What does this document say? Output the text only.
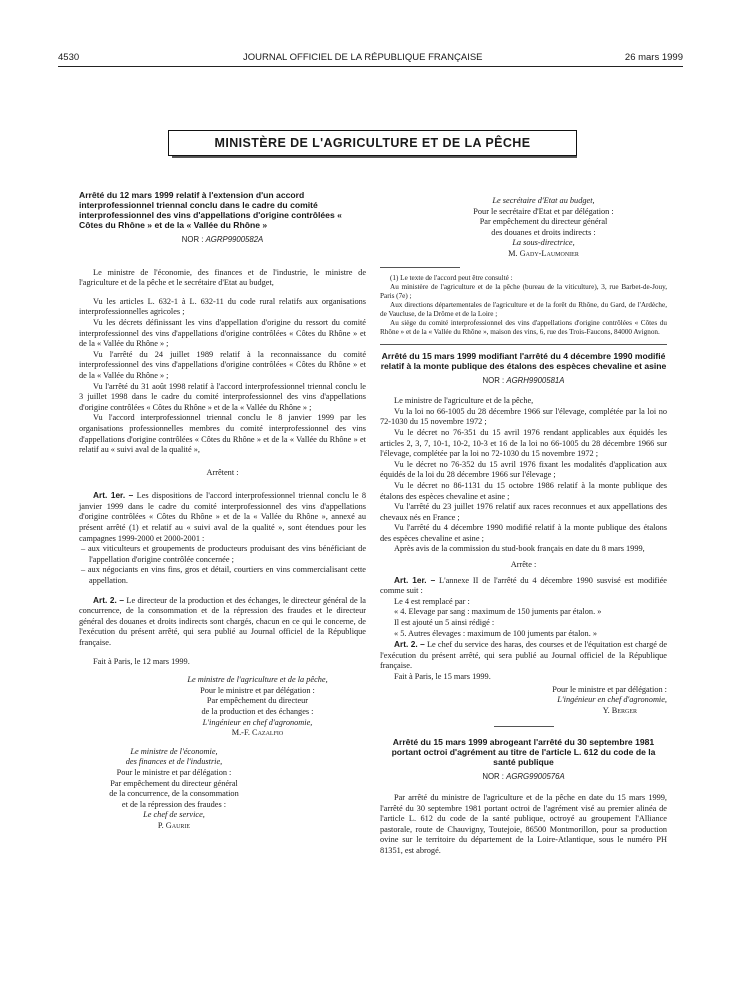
4530	JOURNAL OFFICIEL DE LA RÉPUBLIQUE FRANÇAISE	26 mars 1999
MINISTÈRE DE L'AGRICULTURE ET DE LA PÊCHE
Arrêté du 12 mars 1999 relatif à l'extension d'un accord interprofessionnel triennal conclu dans le cadre du comité interprofessionnel des vins d'appellations d'origine contrôlées « Côtes du Rhône » et de la « Vallée du Rhône »
NOR : AGRP9900582A

Le ministre de l'économie, des finances et de l'industrie, le ministre de l'agriculture et de la pêche et le secrétaire d'Etat au budget,

Vu les articles L. 632-1 à L. 632-11 du code rural relatifs aux organisations interprofessionnelles agricoles ;

Vu les décrets définissant les vins d'appellation d'origine du ressort du comité interprofessionnel des vins d'appellations d'origine contrôlées « Côtes du Rhône » et de la « Vallée du Rhône » ;

Vu l'arrêté du 24 juillet 1989 relatif à la reconnaissance du comité interprofessionnel des vins d'appellations d'origine contrôlées « Côtes du Rhône » et de la « Vallée du Rhône » ;

Vu l'arrêté du 31 août 1998 relatif à l'accord interprofessionnel triennal conclu le 3 juillet 1998 dans le cadre du comité interprofessionnel des vins d'appellations d'origine contrôlées « Côtes du Rhône » et de la « Vallée du Rhône » ;

Vu l'accord interprofessionnel triennal conclu le 8 janvier 1999 par les organisations professionnelles membres du comité interprofessionnel des vins d'appellations d'origine contrôlées « Côtes du Rhône » et de la « Vallée du Rhône » et relatif au « suivi aval de la qualité »,

Arrêtent :

Art. 1er. – Les dispositions de l'accord interprofessionnel triennal conclu le 8 janvier 1999 dans le cadre du comité interprofessionnel des vins d'appellations d'origine contrôlées « Côtes du Rhône » et de la « Vallée du Rhône », annexé au présent arrêté (1) et relatif au « suivi aval de la qualité », sont étendues pour les campagnes 1999-2000 et 2000-2001 :

– aux viticulteurs et groupements de producteurs produisant des vins bénéficiant de l'appellation d'origine contrôlée concernée ;

– aux négociants en vins fins, gros et détail, courtiers en vins commercialisant cette appellation.

Art. 2. – Le directeur de la production et des échanges, le directeur général de la concurrence, de la consommation et de la répression des fraudes et le directeur général des douanes et droits indirects sont chargés, chacun en ce qui le concerne, de l'exécution du présent arrêté, qui sera publié au Journal officiel de la République française.

Fait à Paris, le 12 mars 1999.

Le ministre de l'agriculture et de la pêche,
Pour le ministre et par délégation :
Par empêchement du directeur
de la production et des échanges :
L'ingénieur en chef d'agronomie,
M.-F. Cazalfio
Le ministre de l'économie,
des finances et de l'industrie,
Pour le ministre et par délégation :
Par empêchement du directeur général
de la concurrence, de la consommation
et de la répression des fraudes :
Le chef de service,
P. Gaurie
Le secrétaire d'Etat au budget,
Pour le secrétaire d'Etat et par délégation :
Par empêchement du directeur général
des douanes et droits indirects :
La sous-directrice,
M. Gady-Laumonier

(1) Le texte de l'accord peut être consulté :

Au ministère de l'agriculture et de la pêche (bureau de la viticulture), 3, rue Barbet-de-Jouy, Paris (7e) ;

Aux directions départementales de l'agriculture et de la forêt du Rhône, du Gard, de l'Ardèche, de Vaucluse, de la Drôme et de la Loire ;

Au siège du comité interprofessionnel des vins d'appellations d'origine contrôlées « Côtes du Rhône » et de la « Vallée du Rhône », maison des vins, 6, rue des Trois-Faucons, 84000 Avignon.

Arrêté du 15 mars 1999 modifiant l'arrêté du 4 décembre 1990 modifié relatif à la monte publique des étalons des espèces chevaline et asine
NOR : AGRH9900581A

Le ministre de l'agriculture et de la pêche,

Vu la loi no 66-1005 du 28 décembre 1966 sur l'élevage, complétée par la loi no 72-1030 du 15 novembre 1972 ;

Vu le décret no 76-351 du 15 avril 1976 rendant applicables aux équidés les articles 2, 3, 7, 10-1, 10-2, 10-3 et 16 de la loi no 66-1005 du 28 décembre 1966 sur l'élevage, complétée par la loi no 72-1030 du 15 novembre 1972 ;

Vu le décret no 76-352 du 15 avril 1976 fixant les modalités d'application aux équidés de la loi du 28 décembre 1966 sur l'élevage ;

Vu le décret no 86-1131 du 15 octobre 1986 relatif à la monte publique des étalons des espèces chevaline et asine ;

Vu l'arrêté du 23 juillet 1976 relatif aux races reconnues et aux appellations des chevaux nés en France ;

Vu l'arrêté du 4 décembre 1990 modifié relatif à la monte publique des étalons des espèces chevaline et asine ;

Après avis de la commission du stud-book français en date du 8 mars 1999,

Arrête :

Art. 1er. – L'annexe II de l'arrêté du 4 décembre 1990 susvisé est modifiée comme suit :

Le 4 est remplacé par :

« 4. Elevage par sang : maximum de 150 juments par étalon. »

Il est ajouté un 5 ainsi rédigé :

« 5. Autres élevages : maximum de 100 juments par étalon. »

Art. 2. – Le chef du service des haras, des courses et de l'équitation est chargé de l'exécution du présent arrêté, qui sera publié au Journal officiel de la République française.

Fait à Paris, le 15 mars 1999.

Pour le ministre et par délégation :
L'ingénieur en chef d'agronomie,
Y. Berger
Arrêté du 15 mars 1999 abrogeant l'arrêté du 30 septembre 1981 portant octroi d'agrément au titre de l'article L. 612 du code de la santé publique
NOR : AGRG9900576A

Par arrêté du ministre de l'agriculture et de la pêche en date du 15 mars 1999, l'arrêté du 30 septembre 1981 portant octroi de l'agrément visé au premier alinéa de l'article L. 612 du code de la santé publique, octroyé au groupement l'Alliance pastorale, route de Chauvigny, Toutejoie, 86500 Montmorillon, pour sa production ovine sur le territoire du département de la Loire-Atlantique, sous le numéro PH 81351, est abrogé.
